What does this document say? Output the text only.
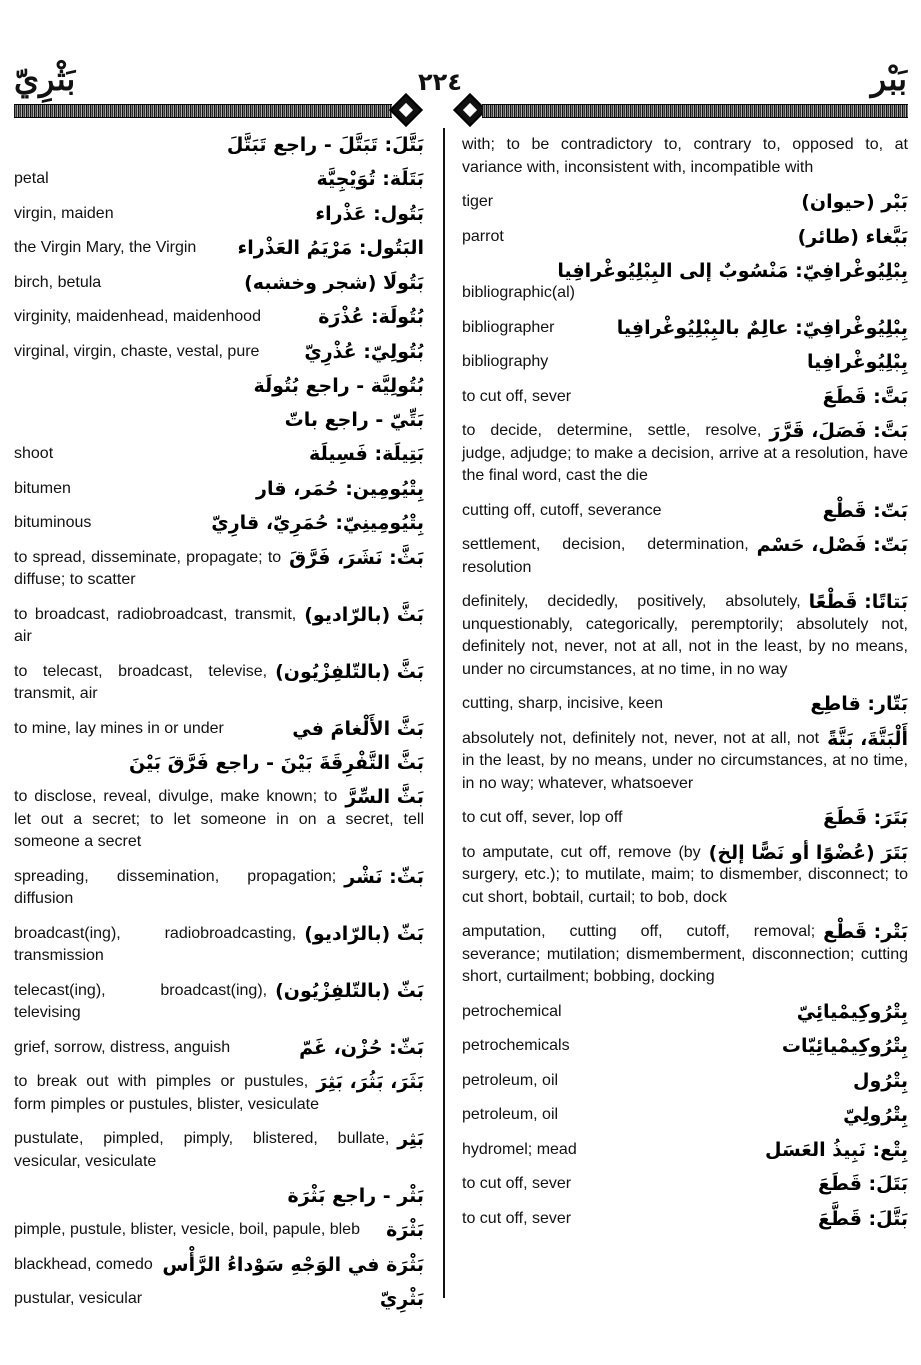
بَثْرِيّ	٢٢٤	بَبْر
بَتَّلَ: تَبَتَّلَ - راجع تَبَتَّلَ
بَتَلَة: تُوَيْجِيَّة
petal
بَتُول: عَذْراء
virgin, maiden
البَتُول: مَرْيَمُ العَذْراء
the Virgin Mary, the Virgin
بَتُولَا (شجر وخشبه)
birch, betula
بُتُولَة: عُذْرَة
virginity, maidenhead, maidenhood
بُتُولِيّ: عُذْرِيّ
virginal, virgin, chaste, vestal, pure
بُتُولِيَّة - راجع بُتُولَة
بَتِّيّ - راجع باتّ
بَتِيلَة: فَسِيلَة
shoot
بِتْيُومِين: حُمَر، قار
bitumen
بِتْيُومِينِيّ: حُمَرِيّ، قارِيّ
bituminous
بَثَّ: نَشَرَ، فَرَّقَ
to spread, disseminate, propagate; to diffuse; to scatter
بَثَّ (بالرّاديو)
to broadcast, radiobroadcast, transmit, air
بَثَّ (بالتّلفِزْيُون)
to telecast, broadcast, televise, transmit, air
بَثَّ الأَلْغامَ في
to mine, lay mines in or under
بَثَّ التَّفْرِقَةَ بَيْنَ - راجع فَرَّقَ بَيْنَ
بَثَّ السِّرَّ
to disclose, reveal, divulge, make known; to let out a secret; to let someone in on a secret, tell someone a secret
بَثّ: نَشْر
spreading, dissemination, propagation; diffusion
بَثّ (بالرّاديو)
broadcast(ing), radiobroadcasting, transmission
بَثّ (بالتّلفِزْيُون)
telecast(ing), broadcast(ing), televising
بَثّ: حُزْن، غَمّ
grief, sorrow, distress, anguish
بَثَرَ، بَثُرَ، بَثِرَ
to break out with pimples or pustules, form pimples or pustules, blister, vesiculate
بَثِر
pustulate, pimpled, pimply, blistered, bullate, vesicular, vesiculate
بَثْر - راجع بَثْرَة
بَثْرَة
pimple, pustule, blister, vesicle, boil, papule, bleb
بَثْرَة في الوَجْهِ سَوْداءُ الرَّأْس
blackhead, comedo
بَثْرِيّ
pustular, vesicular
with; to be contradictory to, contrary to, opposed to, at variance with, inconsistent with, incompatible with
بَبْر (حيوان)
tiger
بَبَّغاء (طائر)
parrot
بِبْلِيُوغْرافِيّ: مَنْسُوبٌ إلى البِبْلِيُوغْرافِيا
bibliographic(al)
بِبْلِيُوغْرافِيّ: عالِمٌ بالبِبْلِيُوغْرافِيا
bibliographer
بِبْلِيُوغْرافِيا
bibliography
بَتَّ: قَطَعَ
to cut off, sever
بَتَّ: فَصَلَ، قَرَّرَ
to decide, determine, settle, resolve, judge, adjudge; to make a decision, arrive at a resolution, have the final word, cast the die
بَتّ: قَطْع
cutting off, cutoff, severance
بَتّ: فَصْل، حَسْم
settlement, decision, determination, resolution
بَتاتًا: قَطْعًا
definitely, decidedly, positively, absolutely, unquestionably, categorically, peremptorily; absolutely not, definitely not, never, not at all, not in the least, by no means, under no circumstances, at no time, in no way
بَتّار: قاطِع
cutting, sharp, incisive, keen
أَلْبَتَّةَ، بَتَّةً
absolutely not, definitely not, never, not at all, not in the least, by no means, under no circumstances, at no time, in no way; whatever, whatsoever
بَتَرَ: قَطَعَ
to cut off, sever, lop off
بَتَرَ (عُضْوًا أو نَصًّا إلخ)
to amputate, cut off, remove (by surgery, etc.); to mutilate, maim; to dismember, disconnect; to cut short, bobtail, curtail; to bob, dock
بَتْر: قَطْع
amputation, cutting off, cutoff, removal; severance; mutilation; dismemberment, disconnection; cutting short, curtailment; bobbing, docking
بِتْرُوكِيمْيائِيّ
petrochemical
بِتْرُوكِيمْيائِيّات
petrochemicals
بِتْرُول
petroleum, oil
بِتْرُولِيّ
petroleum, oil
بِتْع: نَبِيذُ العَسَل
hydromel; mead
بَتَلَ: قَطَعَ
to cut off, sever
بَتَّلَ: قَطَّعَ
to cut off, sever
